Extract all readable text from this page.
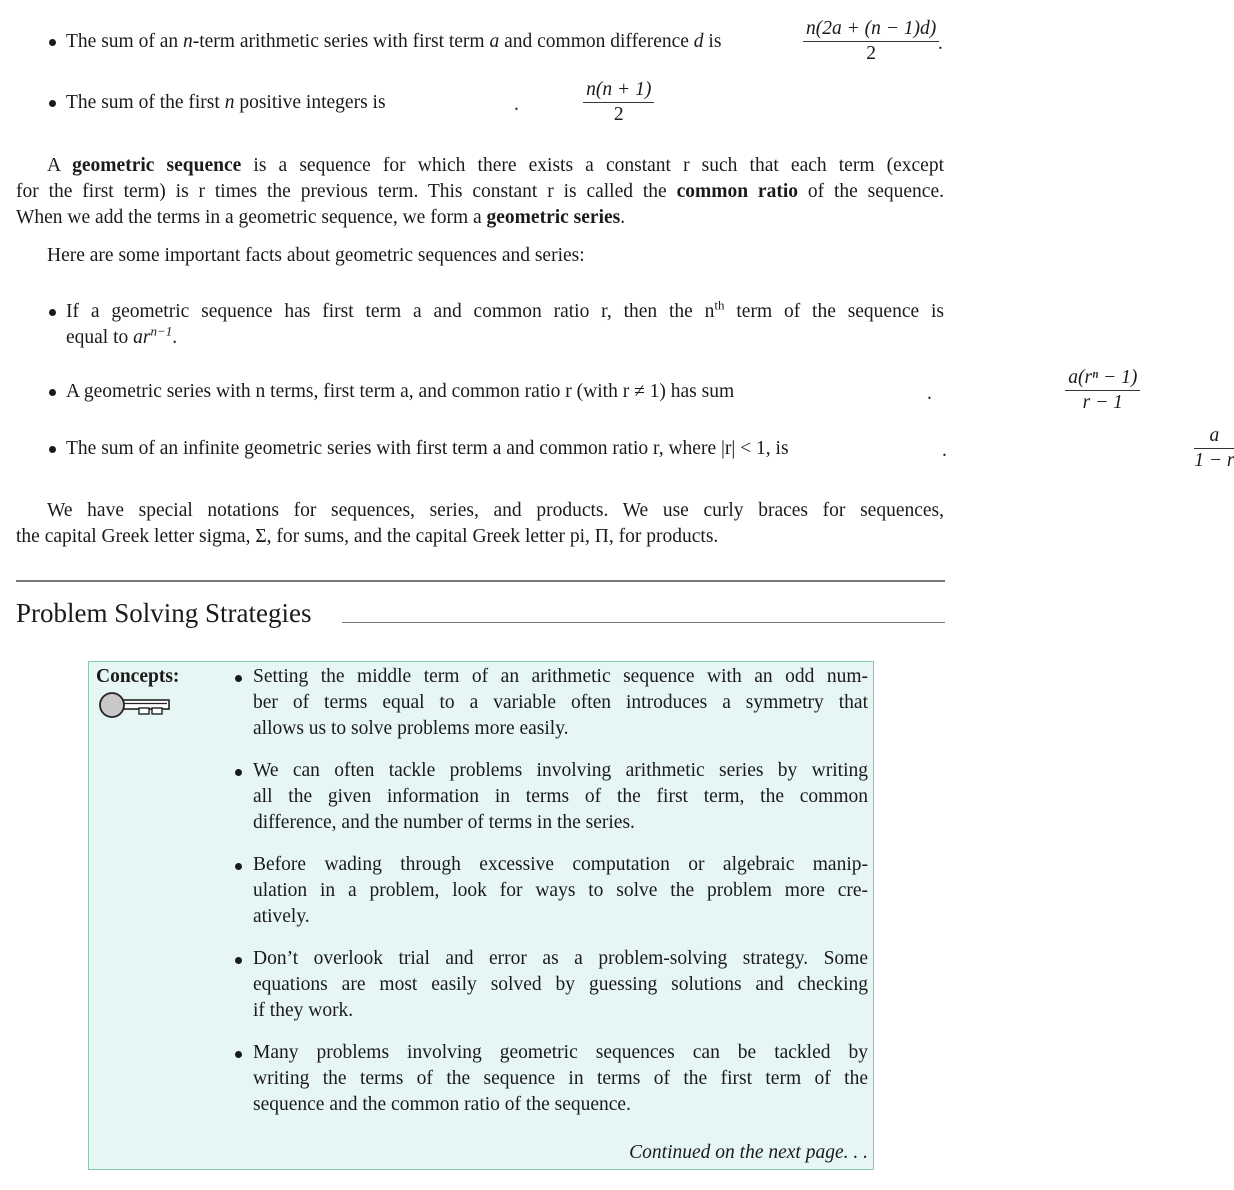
The sum of an n-term arithmetic series with first term a and common difference d is	$\frac{n(2a + (n - 1)d)}{2}$

.
The sum of the first n positive integers is	$\frac{n(n + 1)}{2}$

.
A geometric sequence is a sequence for which there exists a constant r such that each term (except
for the first term) is r times the previous term. This constant r is called the common ratio of the sequence.
When we add the terms in a geometric sequence, we form a geometric series.
Here are some important facts about geometric sequences and series:
If a geometric sequence has first term a and common ratio r, then the $n^{th}$ term of the sequence is
equal to $ar^{n-1}$.
A geometric series with n terms, first term a, and common ratio r (with r ≠ 1) has sum	$\frac{\text{a(rⁿ − 1)}}{r - 1}$

.
The sum of an infinite geometric series with first term a and common ratio r, where |r| < 1, is	$\frac{a}{1 - r}$
.
We have special notations for sequences, series, and products. We use curly braces for sequences,
the capital Greek letter sigma, Σ, for sums, and the capital Greek letter pi, Π, for products.
Problem Solving Strategies
Concepts:	Setting the middle term of an arithmetic sequence with an odd num-
ber of terms equal to a variable often introduces a symmetry that
allows us to solve problems more easily.
We can often tackle problems involving arithmetic series by writing
all the given information in terms of the first term, the common
difference, and the number of terms in the series.
Before wading through excessive computation or algebraic manip-
ulation in a problem, look for ways to solve the problem more cre-
atively.
Don’t overlook trial and error as a problem-solving strategy. Some
equations are most easily solved by guessing solutions and checking
if they work.
Many problems involving geometric sequences can be tackled by
writing the terms of the sequence in terms of the first term of the
sequence and the common ratio of the sequence.
Continued on the next page. . .
